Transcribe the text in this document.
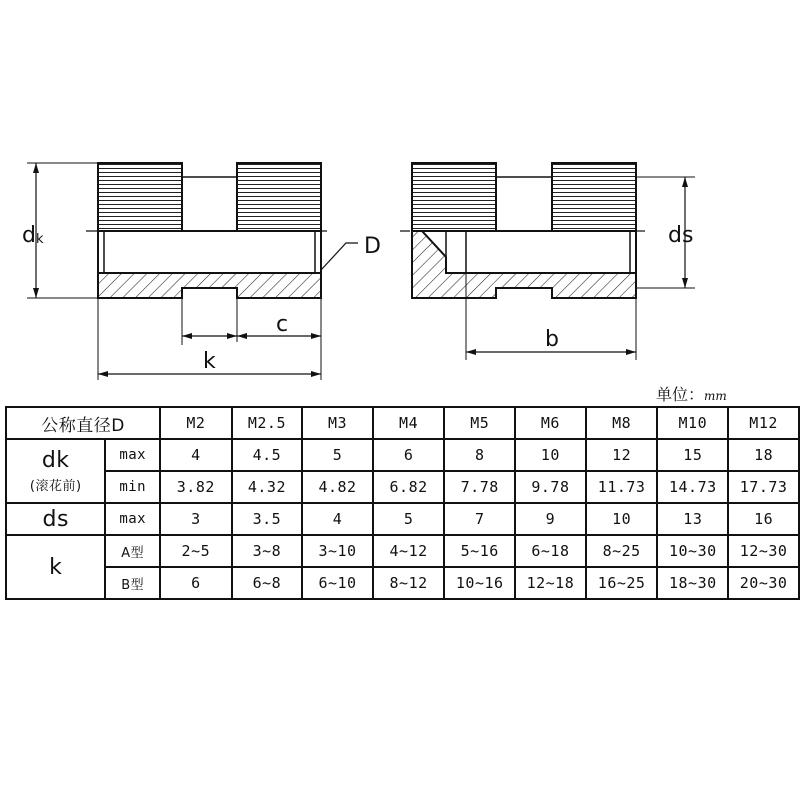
dk	D
c
k
ds
b
单位：mm
公称直径D		M2	M2.5	M3	M4	M5	M6	M8	M10	M12
dk
(滚花前)	max	4	4.5	5	6	8	10	12	15	18
	min	3.82	4.32	4.82	6.82	7.78	9.78	11.73	14.73	17.73
ds	max	3	3.5	4	5	7	9	10	13	16
k	A型	2~5	3~8	3~10	4~12	5~16	6~18	8~25	10~30	12~30
	B型	6	6~8	6~10	8~12	10~16	12~18	16~25	18~30	20~30
